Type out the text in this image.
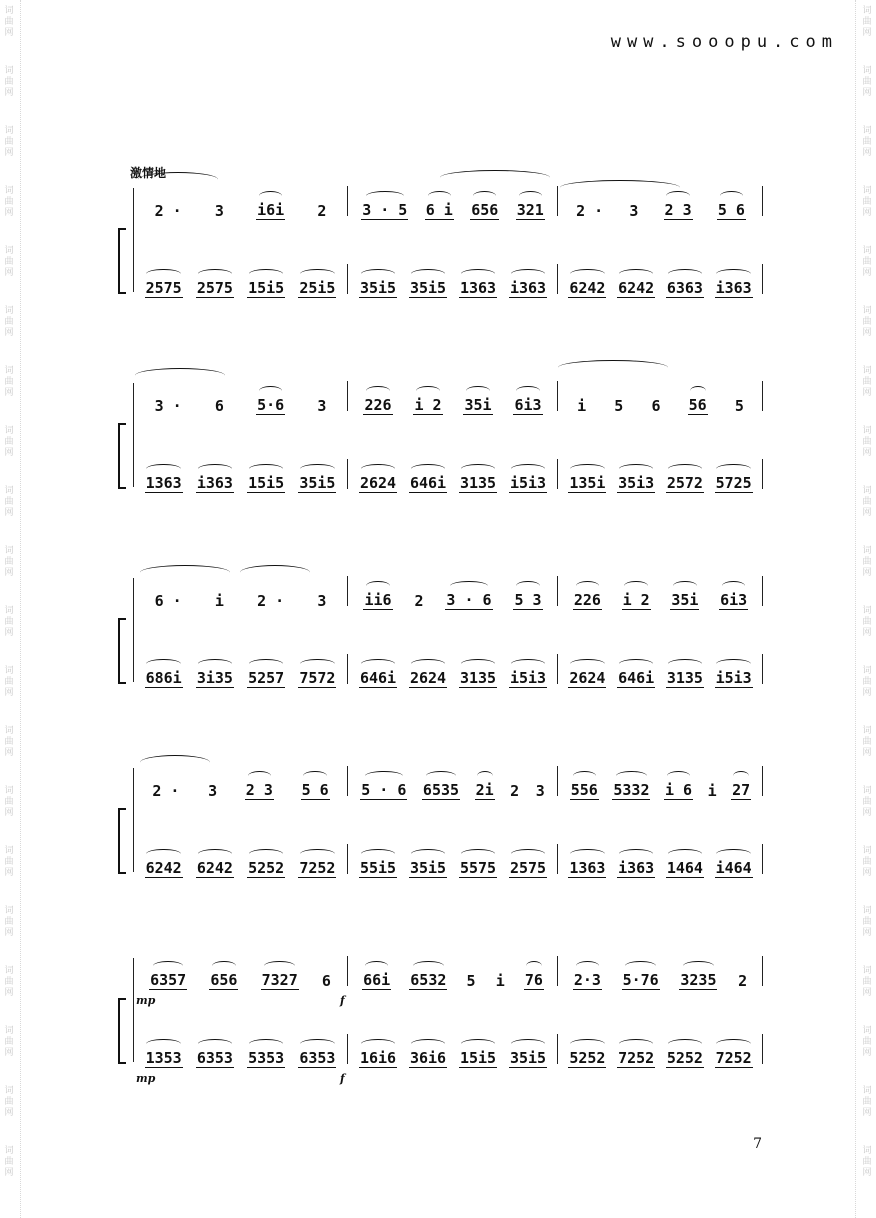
词
曲
网
词
曲
网
词
曲
网
词
曲
网
词
曲
网
词
曲
网
词
曲
网
词
曲
网
词
曲
网
词
曲
网
词
曲
网
词
曲
网
词
曲
网
词
曲
网
词
曲
网
词
曲
网
词
曲
网
词
曲
网
词
曲
网
词
曲
网
词
曲
网
词
曲
网
词
曲
网
词
曲
网
词
曲
网
词
曲
网
词
曲
网
词
曲
网
词
曲
网
词
曲
网
词
曲
网
词
曲
网
词
曲
网
词
曲
网
词
曲
网
词
曲
网
词
曲
网
词
曲
网
词
曲
网
词
曲
网
www.sooopu.com
激情地
2 · 3 i6i 2 3 · 5 6 i 656 321 2 · 3 2 3 5 6
2575 2575 15i5 25i5 35i5 35i5 1363 i363 6242 6242 6363 i363
3 · 6 5·6 3	226 i 2 35i 6i3 i 5 6 56 5
1363 i363 15i5 35i5 2624 646i 3135 i5i3 135i 35i3 2572 5725
6 · i 2 · 3	ii6 2 3 · 6 5 3 226 i 2 35i 6i3
686i 3i35 5257 7572 646i 2624 3135 i5i3 2624 646i 3135 i5i3
2 · 3 2 3 5 6 5 · 6 6535 2i 2 3 556 5332 i 6 i 27
6242 6242 5252 7252 55i5 35i5 5575 2575 1363 i363 1464 i464
6357 656 7327 6 66i 6532 5 i 76 2·3 5·76 3235 2
1353 6353 5353 6353 16i6 36i6 15i5 35i5 5252 7252 5252 7252
mp	f
mp	f
7
